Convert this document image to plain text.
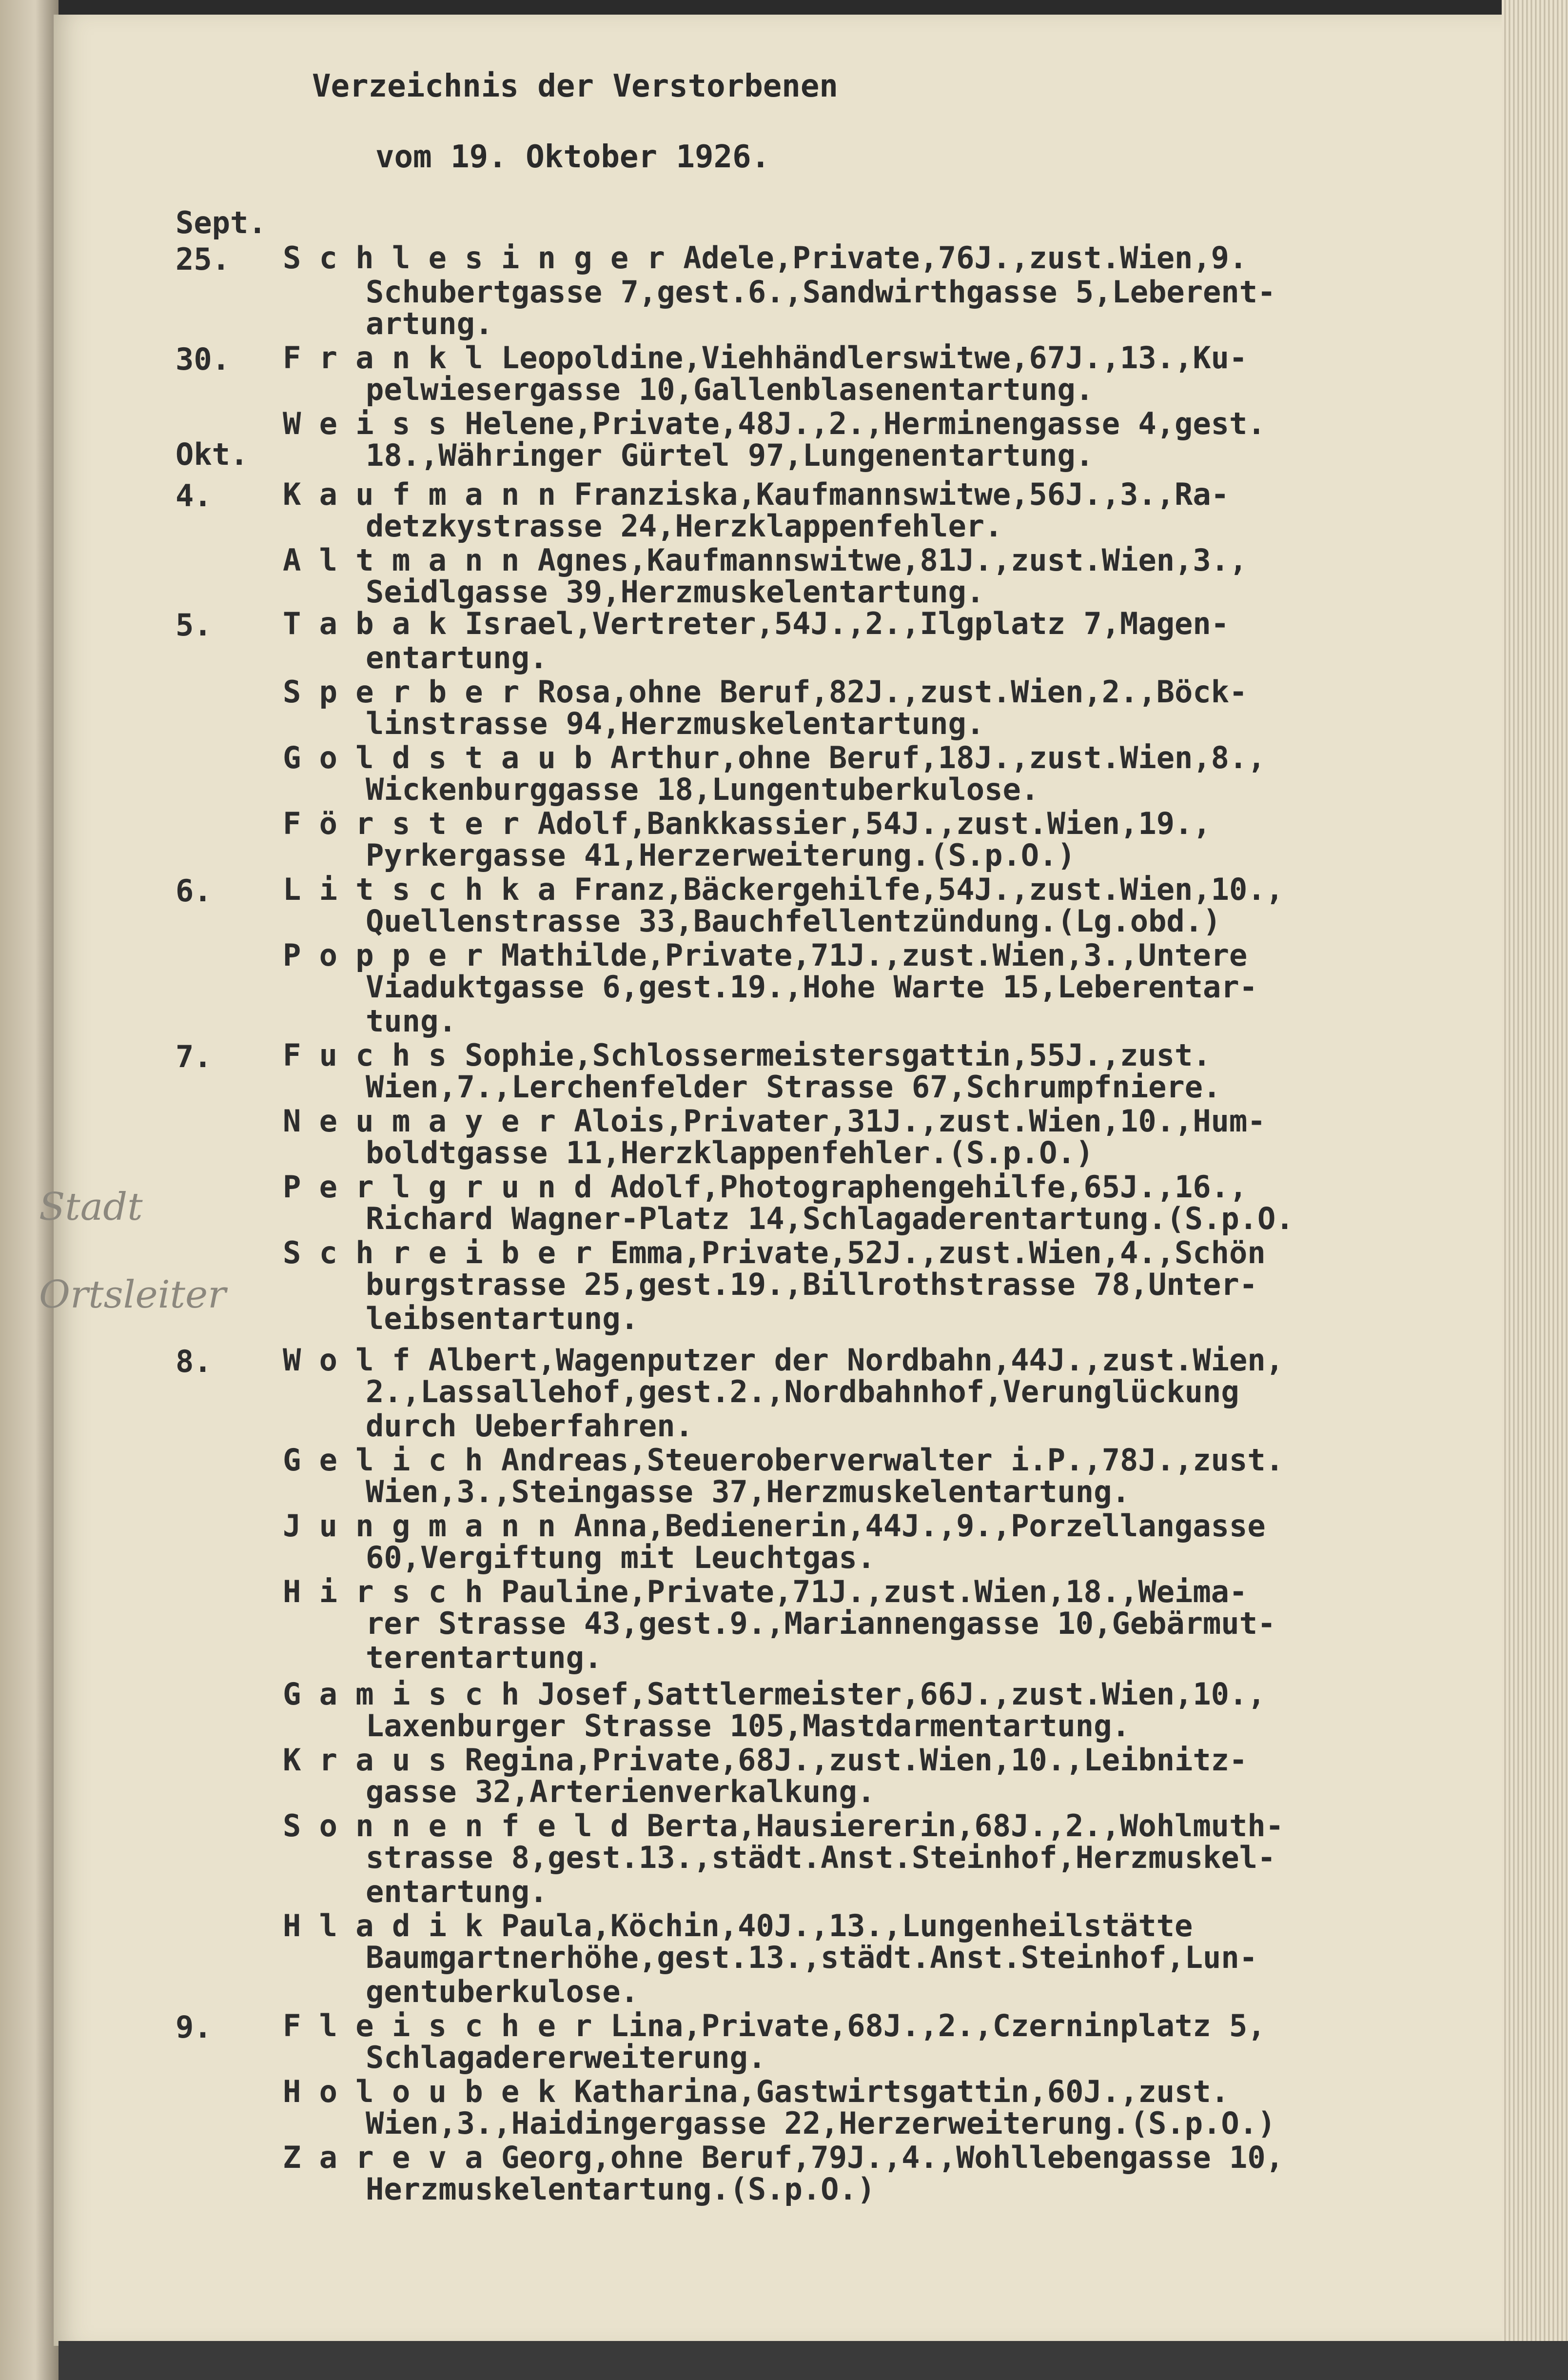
Verzeichnis der Verstorbenen
vom 19. Oktober 1926.
Stadt
Ortsleiter
Sept.
25.
30.
Okt.
4.
5.
6.
7.
8.
9.
S c h l e s i n g e r Adele,Private,76J.,zust.Wien,9.
Schubertgasse 7,gest.6.,Sandwirthgasse 5,Leberent-
artung.
F r a n k l Leopoldine,Viehhändlerswitwe,67J.,13.,Ku-
pelwiesergasse 10,Gallenblasenentartung.
W e i s s Helene,Private,48J.,2.,Herminengasse 4,gest.
18.,Währinger Gürtel 97,Lungenentartung.
K a u f m a n n Franziska,Kaufmannswitwe,56J.,3.,Ra-
detzkystrasse 24,Herzklappenfehler.
A l t m a n n Agnes,Kaufmannswitwe,81J.,zust.Wien,3.,
Seidlgasse 39,Herzmuskelentartung.
T a b a k Israel,Vertreter,54J.,2.,Ilgplatz 7,Magen-
entartung.
S p e r b e r Rosa,ohne Beruf,82J.,zust.Wien,2.,Böck-
linstrasse 94,Herzmuskelentartung.
G o l d s t a u b Arthur,ohne Beruf,18J.,zust.Wien,8.,
Wickenburggasse 18,Lungentuberkulose.
F ö r s t e r Adolf,Bankkassier,54J.,zust.Wien,19.,
Pyrkergasse 41,Herzerweiterung.(S.p.O.)
L i t s c h k a Franz,Bäckergehilfe,54J.,zust.Wien,10.,
Quellenstrasse 33,Bauchfellentzündung.(Lg.obd.)
P o p p e r Mathilde,Private,71J.,zust.Wien,3.,Untere
Viaduktgasse 6,gest.19.,Hohe Warte 15,Leberentar-
tung.
F u c h s Sophie,Schlossermeistersgattin,55J.,zust.
Wien,7.,Lerchenfelder Strasse 67,Schrumpfniere.
N e u m a y e r Alois,Privater,31J.,zust.Wien,10.,Hum-
boldtgasse 11,Herzklappenfehler.(S.p.O.)
P e r l g r u n d Adolf,Photographengehilfe,65J.,16.,
Richard Wagner-Platz 14,Schlagaderentartung.(S.p.O.
S c h r e i b e r Emma,Private,52J.,zust.Wien,4.,Schön
burgstrasse 25,gest.19.,Billrothstrasse 78,Unter-
leibsentartung.
W o l f Albert,Wagenputzer der Nordbahn,44J.,zust.Wien,
2.,Lassallehof,gest.2.,Nordbahnhof,Verunglückung
durch Ueberfahren.
G e l i c h Andreas,Steueroberverwalter i.P.,78J.,zust.
Wien,3.,Steingasse 37,Herzmuskelentartung.
J u n g m a n n Anna,Bedienerin,44J.,9.,Porzellangasse
60,Vergiftung mit Leuchtgas.
H i r s c h Pauline,Private,71J.,zust.Wien,18.,Weima-
rer Strasse 43,gest.9.,Mariannengasse 10,Gebärmut-
terentartung.
G a m i s c h Josef,Sattlermeister,66J.,zust.Wien,10.,
Laxenburger Strasse 105,Mastdarmentartung.
K r a u s Regina,Private,68J.,zust.Wien,10.,Leibnitz-
gasse 32,Arterienverkalkung.
S o n n e n f e l d Berta,Hausiererin,68J.,2.,Wohlmuth-
strasse 8,gest.13.,städt.Anst.Steinhof,Herzmuskel-
entartung.
H l a d i k Paula,Köchin,40J.,13.,Lungenheilstätte
Baumgartnerhöhe,gest.13.,städt.Anst.Steinhof,Lun-
gentuberkulose.
F l e i s c h e r Lina,Private,68J.,2.,Czerninplatz 5,
Schlagadererweiterung.
H o l o u b e k Katharina,Gastwirtsgattin,60J.,zust.
Wien,3.,Haidingergasse 22,Herzerweiterung.(S.p.O.)
Z a r e v a Georg,ohne Beruf,79J.,4.,Wohllebengasse 10,
Herzmuskelentartung.(S.p.O.)
